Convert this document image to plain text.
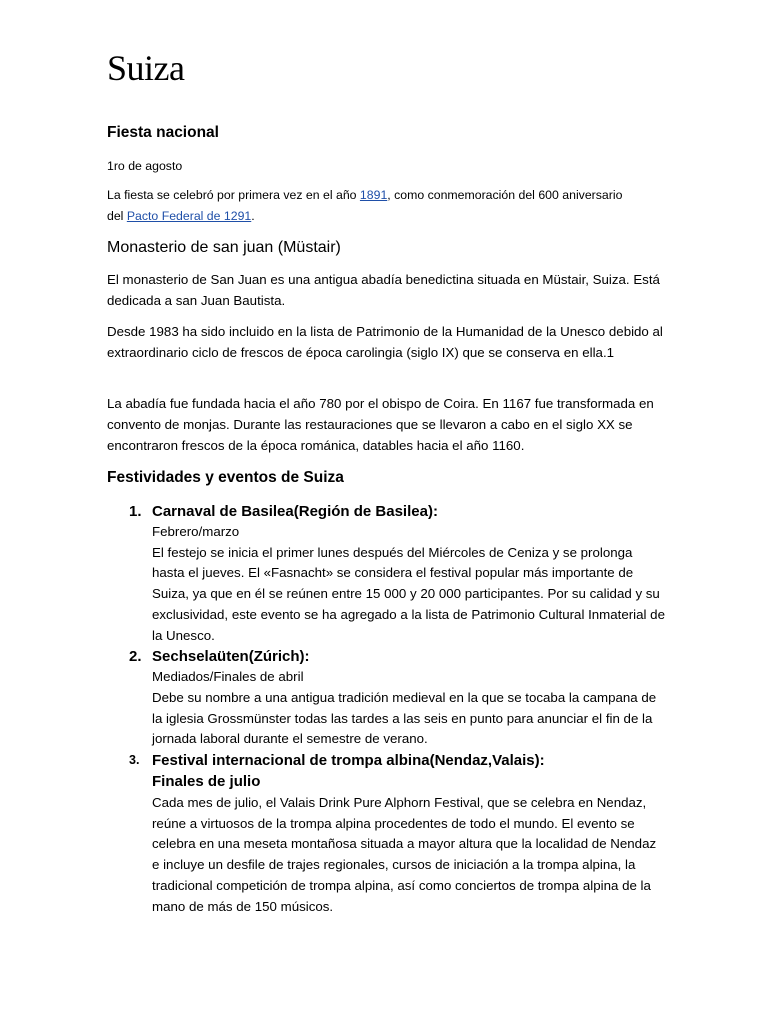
Suiza
Fiesta nacional
1ro de agosto

La fiesta se celebró por primera vez en el año 1891, como conmemoración del 600 aniversario

del Pacto Federal de 1291.

Monasterio de san juan (Müstair)
El monasterio de San Juan es una antigua abadía benedictina situada en Müstair, Suiza. Está dedicada a san Juan Bautista.
Desde 1983 ha sido incluido en la lista de Patrimonio de la Humanidad de la Unesco debido al extraordinario ciclo de frescos de época carolingia (siglo IX) que se conserva en ella.1
La abadía fue fundada hacia el año 780 por el obispo de Coira. En 1167 fue transformada en convento de monjas. Durante las restauraciones que se llevaron a cabo en el siglo XX se encontraron frescos de la época románica, datables hacia el año 1160.
Festividades y eventos de Suiza
1. Carnaval de Basilea(Región de Basilea):
Febrero/marzo
El festejo se inicia el primer lunes después del Miércoles de Ceniza y se prolonga hasta el jueves. El «Fasnacht» se considera el festival popular más importante de Suiza, ya que en él se reúnen entre 15 000 y 20 000 participantes. Por su calidad y su exclusividad, este evento se ha agregado a la lista de Patrimonio Cultural Inmaterial de la Unesco.
2. Sechselaüten(Zúrich):
Mediados/Finales de abril
Debe su nombre a una antigua tradición medieval en la que se tocaba la campana de la iglesia Grossmünster todas las tardes a las seis en punto para anunciar el fin de la jornada laboral durante el semestre de verano.
3. Festival internacional de trompa albina(Nendaz,Valais):
Finales de julio
Cada mes de julio, el Valais Drink Pure Alphorn Festival, que se celebra en Nendaz, reúne a virtuosos de la trompa alpina procedentes de todo el mundo. El evento se celebra en una meseta montañosa situada a mayor altura que la localidad de Nendaz e incluye un desfile de trajes regionales, cursos de iniciación a la trompa alpina, la tradicional competición de trompa alpina, así como conciertos de trompa alpina de la mano de más de 150 músicos.
